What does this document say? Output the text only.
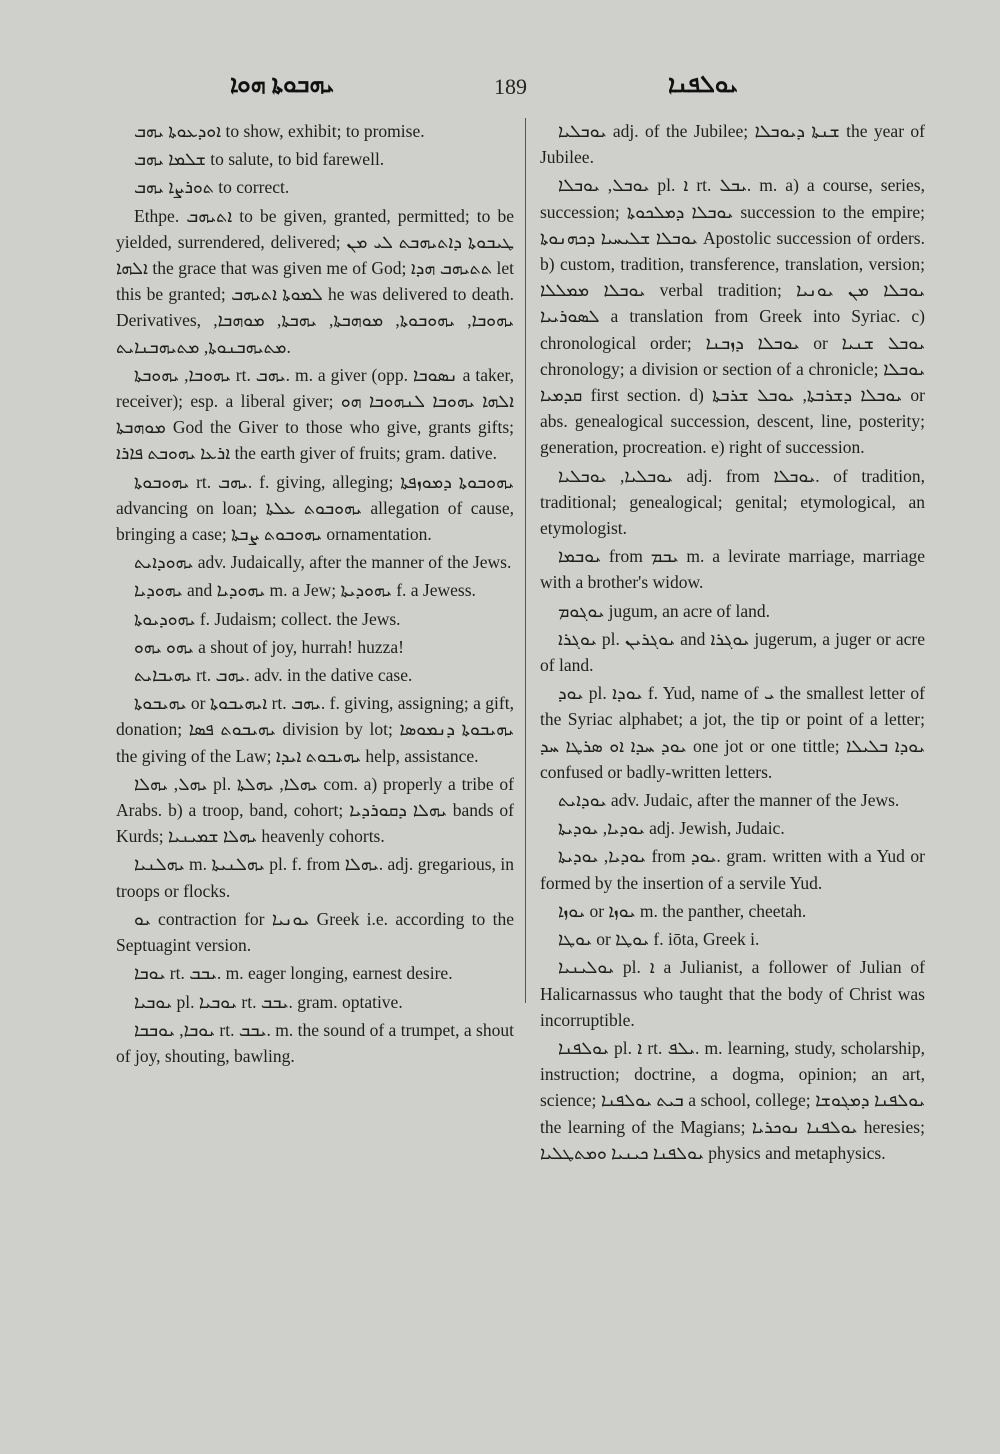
ܝܗܒܘܬܐ ܗܘܐ	189	ܝܘܠܦܢܐ

ܐܘܕܥܘܬܐ ܝܗܒ to show, exhibit; to promise.

ܫܠܡܐ ܝܗܒ to salute, to bid farewell.

ܬܘܪܨܐ ܝܗܒ to correct.

Ethpe. ܐܬܝܗܒ to be given, granted, permitted; to be yielded, surrendered, delivered; ܛܝܒܘܬܐ ܕܐܬܝܗܒܬ ܠܝ ܡܢ ܐܠܗܐ the grace that was given me of God; ܬܬܝܗܒ ܗܕܐ let this be granted; ܠܡܘܬܐ ܐܬܝܗܒ he was delivered to death. Derivatives, ܝܗܘܒܐ, ܝܗܘܒܘܬܐ, ܡܘܗܒܬܐ, ܝܗܒܬܐ, ܡܘܗܒܐ, ܡܬܝܗܒܢܘܬܐ, ܡܬܝܗܒܢܐܝܬ.

ܝܗܘܒܐ, ܝܗܘܒܬܐ rt. ܝܗܒ. m. a giver (opp. ܢܣܘܒܐ a taker, receiver); esp. a liberal giver; ܐܠܗܐ ܝܗܘܒܐ ܠܢܗܘܒܐ ܗܘ ܡܘܗܒܬܐ God the Giver to those who give, grants gifts; ܐܪܥܐ ܝܗܘܒܬ ܦܐܪܐ the earth giver of fruits; gram. dative.

ܝܗܘܒܘܬܐ rt. ܝܗܒ. f. giving, alleging; ܝܗܘܒܘܬܐ ܕܡܘܙܦܬܐ advancing on loan; ܝܗܘܒܘܬ ܥܠܬܐ allegation of cause, bringing a case; ܝܗܘܒܘܬ ܨܒܬܐ ornamentation.

ܝܗܘܕܐܝܬ adv. Judaically, after the manner of the Jews.

ܝܗܘܕܝܐ and ܝܗܘܕܝܐ m. a Jew; ܝܗܘܕܝܬܐ f. a Jewess.

ܝܗܘܕܝܘܬܐ f. Judaism; collect. the Jews.

ܝܗܘ ܝܗܘ a shout of joy, hurrah! huzza!

ܝܗܝܒܐܝܬ rt. ܝܗܒ. adv. in the dative case.

ܝܗܝܒܘܬܐ or ܐܝܗܝܒܘܬܐ rt. ܝܗܒ. f. giving, assigning; a gift, donation; ܝܗܝܒܘܬ ܦܣܐ division by lot; ܝܗܝܒܘܬܐ ܕܢܡܘܣܐ the giving of the Law; ܝܗܝܒܘܬ ܐܝܕܐ help, assistance.

ܝܗܠ, ܝܗܠܐ pl. ܝܗܠܐ, ܝܗܠܬܐ com. a) properly a tribe of Arabs. b) a troop, band, cohort; ܝܗܠܐ ܕܩܘܪܕܝܐ bands of Kurds; ܝܗܠܐ ܫܡܝܢܝܐ heavenly cohorts.

ܝܗܠܢܝܐ m. ܝܗܠܢܝܬܐ pl. f. from ܝܗܠܐ. adj. gregarious, in troops or flocks.

ܝܘ contraction for ܝܘܢܝܐ Greek i.e. according to the Septuagint version.

ܝܘܒܐ rt. ܝܒܒ. m. eager longing, earnest desire.

ܝܘܒܝܐ pl. ܝܘܒܝܐ rt. ܝܒܒ. gram. optative.

ܝܘܒܐ, ܝܘܒܒܐ rt. ܝܒܒ. m. the sound of a trumpet, a shout of joy, shouting, bawling.

ܝܘܒܠܝܐ adj. of the Jubilee; ܫܢܬܐ ܕܝܘܒܠܐ the year of Jubilee.

ܝܘܒܠ, ܝܘܒܠܐ pl. ܐ rt. ܝܒܠ. m. a) a course, series, succession; ܝܘܒܠܐ ܕܡܠܟܘܬܐ succession to the empire; ܝܘܒܠܐ ܫܠܝܚܝܐ ܕܟܗܢܘܬܐ Apostolic succession of orders. b) custom, tradition, transference, translation, version; ܝܘܒܠܐ ܡܡܠܠܐ verbal tradition; ܝܘܒܠܐ ܡܢ ܝܘܢܝܐ ܠܣܘܪܝܝܐ a translation from Greek into Syriac. c) chronological order; ܝܘܒܠܐ ܕܙܒܢܐ or ܝܘܒܠ ܫܢܝܐ chronology; a division or section of a chronicle; ܝܘܒܠܐ ܩܕܡܝܐ first section. d) ܝܘܒܠܐ ܕܫܪܒܬܐ, ܝܘܒܠ ܫܪܒܬܐ or abs. genealogical succession, descent, line, posterity; generation, procreation. e) right of succession.

ܝܘܒܠܝܐ, ܝܘܒܠܝܐ adj. from ܝܘܒܠܐ. of tradition, traditional; genealogical; genital; etymological, an etymologist.

ܝܘܒܡܐ from ܝܒܡ m. a levirate marriage, marriage with a brother's widow.

ܝܘܓܘܡ jugum, an acre of land.

ܝܘܓܪܐ pl. ܝܘܓܪܝܢ and ܝܘܓܪܐ jugerum, a juger or acre of land.

ܝܘܕ pl. ܝܘܕܐ f. Yud, name of ܝ the smallest letter of the Syriac alphabet; a jot, the tip or point of a letter; ܝܘܕ ܚܕܐ ܐܘ ܣܪܛܐ ܚܕ one jot or one tittle; ܝܘܕܐ ܒܠܝܠܐ confused or badly-written letters.

ܝܘܕܐܝܬ adv. Judaic, after the manner of the Jews.

ܝܘܕܝܐ, ܝܘܕܝܬܐ adj. Jewish, Judaic.

ܝܘܕܝܐ, ܝܘܕܝܬܐ from ܝܘܕ. gram. written with a Yud or formed by the insertion of a servile Yud.

ܝܘܙܐ or ܝܘܙܐ m. the panther, cheetah.

ܝܘܛܐ or ܝܘܛܐ f. iōta, Greek i.

ܝܘܠܝܢܝܐ pl. ܐ a Julianist, a follower of Julian of Halicarnassus who taught that the body of Christ was incorruptible.

ܝܘܠܦܢܐ pl. ܐ rt. ܝܠܦ. m. learning, study, scholarship, instruction; doctrine, a dogma, opinion; an art, science; ܒܝܬ ܝܘܠܦܢܐ a school, college; ܝܘܠܦܢܐ ܕܡܓܘܫܐ the learning of the Magians; ܝܘܠܦܢܐ ܢܘܟܪܝܐ heresies; ܝܘܠܦܢܐ ܟܝܢܝܐ ܘܡܬܛܠܝܐ physics and metaphysics.
